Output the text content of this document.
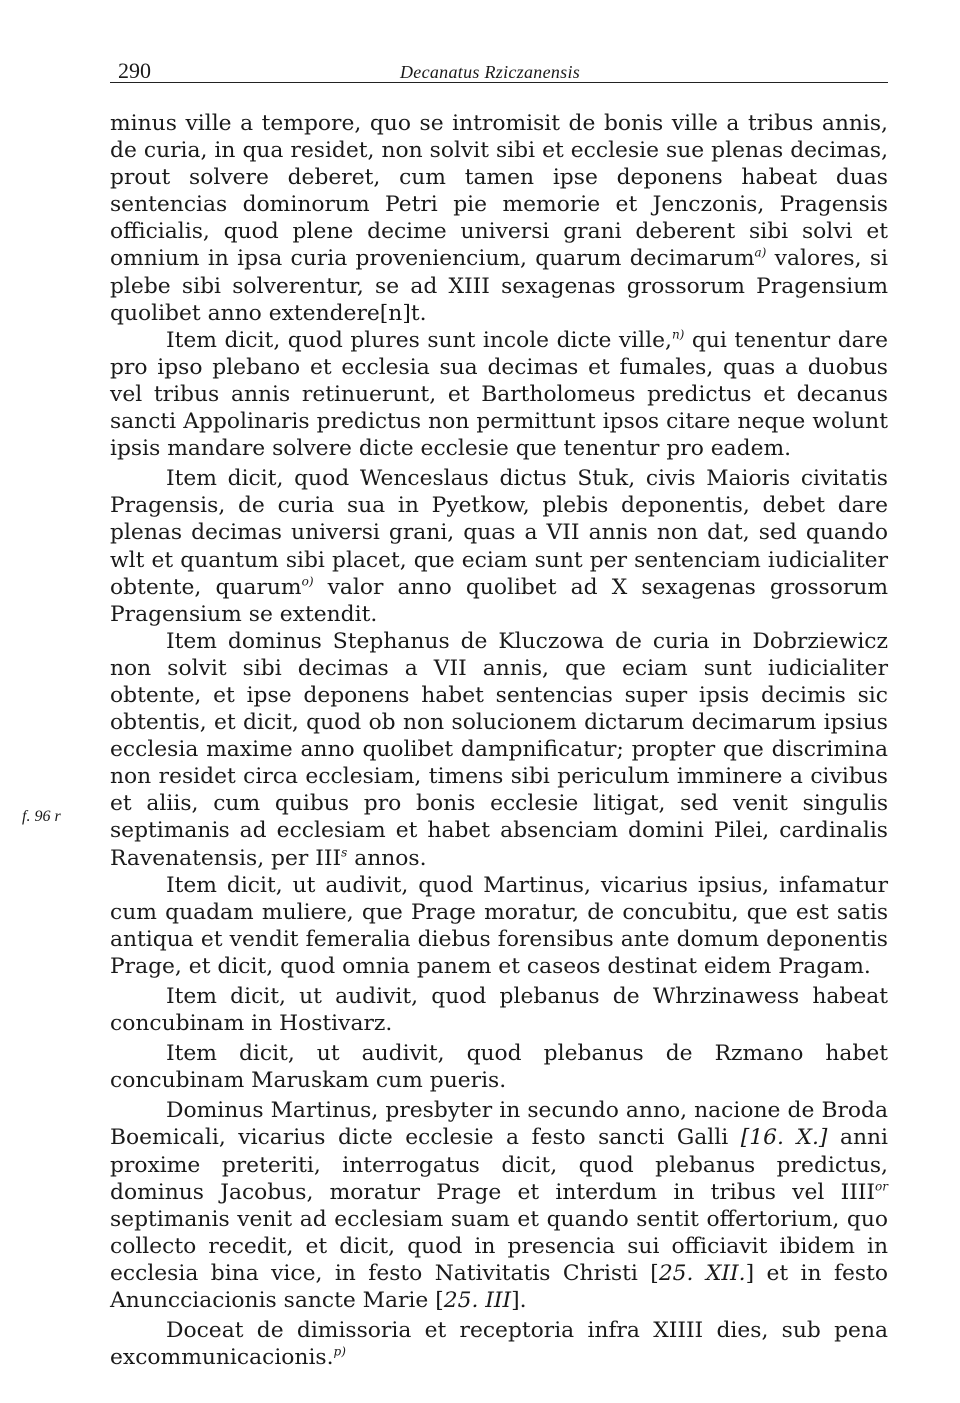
290	Decanatus Rziczanensis
f. 96 r

minus ville a tempore, quo se intromisit de bonis ville a tribus annis, de curia, in qua residet, non solvit sibi et ecclesie sue plenas decimas, prout solvere deberet, cum tamen ipse deponens habeat duas sentencias dominorum Petri pie memorie et Jenczonis, Pragensis officialis, quod plene decime universi grani deberent sibi solvi et omnium in ipsa curia proveniencium, quarum decimarum$^{a)}$ valores, si plebe sibi solverentur, se ad XIII sexagenas grossorum Pragensium quolibet anno extendere[n]t.

Item dicit, quod plures sunt incole dicte ville,$^{n)}$ qui tenentur dare pro ipso plebano et ecclesia sua decimas et fumales, quas a duobus vel tribus annis retinuerunt, et Bartholomeus predictus et decanus sancti Appolinaris predictus non permittunt ipsos citare neque wolunt ipsis mandare solvere dicte ecclesie que tenentur pro eadem.

Item dicit, quod Wenceslaus dictus Stuk, civis Maioris civitatis Pragensis, de curia sua in Pyetkow, plebis deponentis, debet dare plenas decimas universi grani, quas a VII annis non dat, sed quando wlt et quantum sibi placet, que eciam sunt per sentenciam iudicialiter obtente, quarum$^{o)}$ valor anno quolibet ad X sexagenas grossorum Pragensium se extendit.

Item dominus Stephanus de Kluczowa de curia in Dobrziewicz non solvit sibi decimas a VII annis, que eciam sunt iudicialiter obtente, et ipse deponens habet sentencias super ipsis decimis sic obtentis, et dicit, quod ob non solucionem dictarum decimarum ipsius ecclesia maxime anno quolibet dampnificatur; propter que discrimina non residet circa ecclesiam, timens sibi periculum imminere a civibus et aliis, cum quibus pro bonis ecclesie litigat, sed venit singulis septimanis ad ecclesiam et habet absenciam domini Pilei, cardinalis Ravenatensis, per III$^s$ annos.

Item dicit, ut audivit, quod Martinus, vicarius ipsius, infamatur cum quadam muliere, que Prage moratur, de concubitu, que est satis antiqua et vendit femeralia diebus forensibus ante domum deponentis Prage, et dicit, quod omnia panem et caseos destinat eidem Pragam.

Item dicit, ut audivit, quod plebanus de Whrzinawess habeat concubinam in Hostivarz.

Item dicit, ut audivit, quod plebanus de Rzmano habet concubinam Maruskam cum pueris.

Dominus Martinus, presbyter in secundo anno, nacione de Broda Boemicali, vicarius dicte ecclesie a festo sancti Galli [16. X.] anni proxime preteriti, interrogatus dicit, quod plebanus predictus, dominus Jacobus, moratur Prage et interdum in tribus vel $IIII^{or}$ septimanis venit ad ecclesiam suam et quando sentit offertorium, quo collecto recedit, et dicit, quod in presencia sui officiavit ibidem in ecclesia bina vice, in festo Nativitatis Christi [25. XII.] et in festo Anuncciacionis sancte Marie [25. III].

Doceat de dimissoria et receptoria infra XIIII dies, sub pena excommunicacionis.$^{p)}$
